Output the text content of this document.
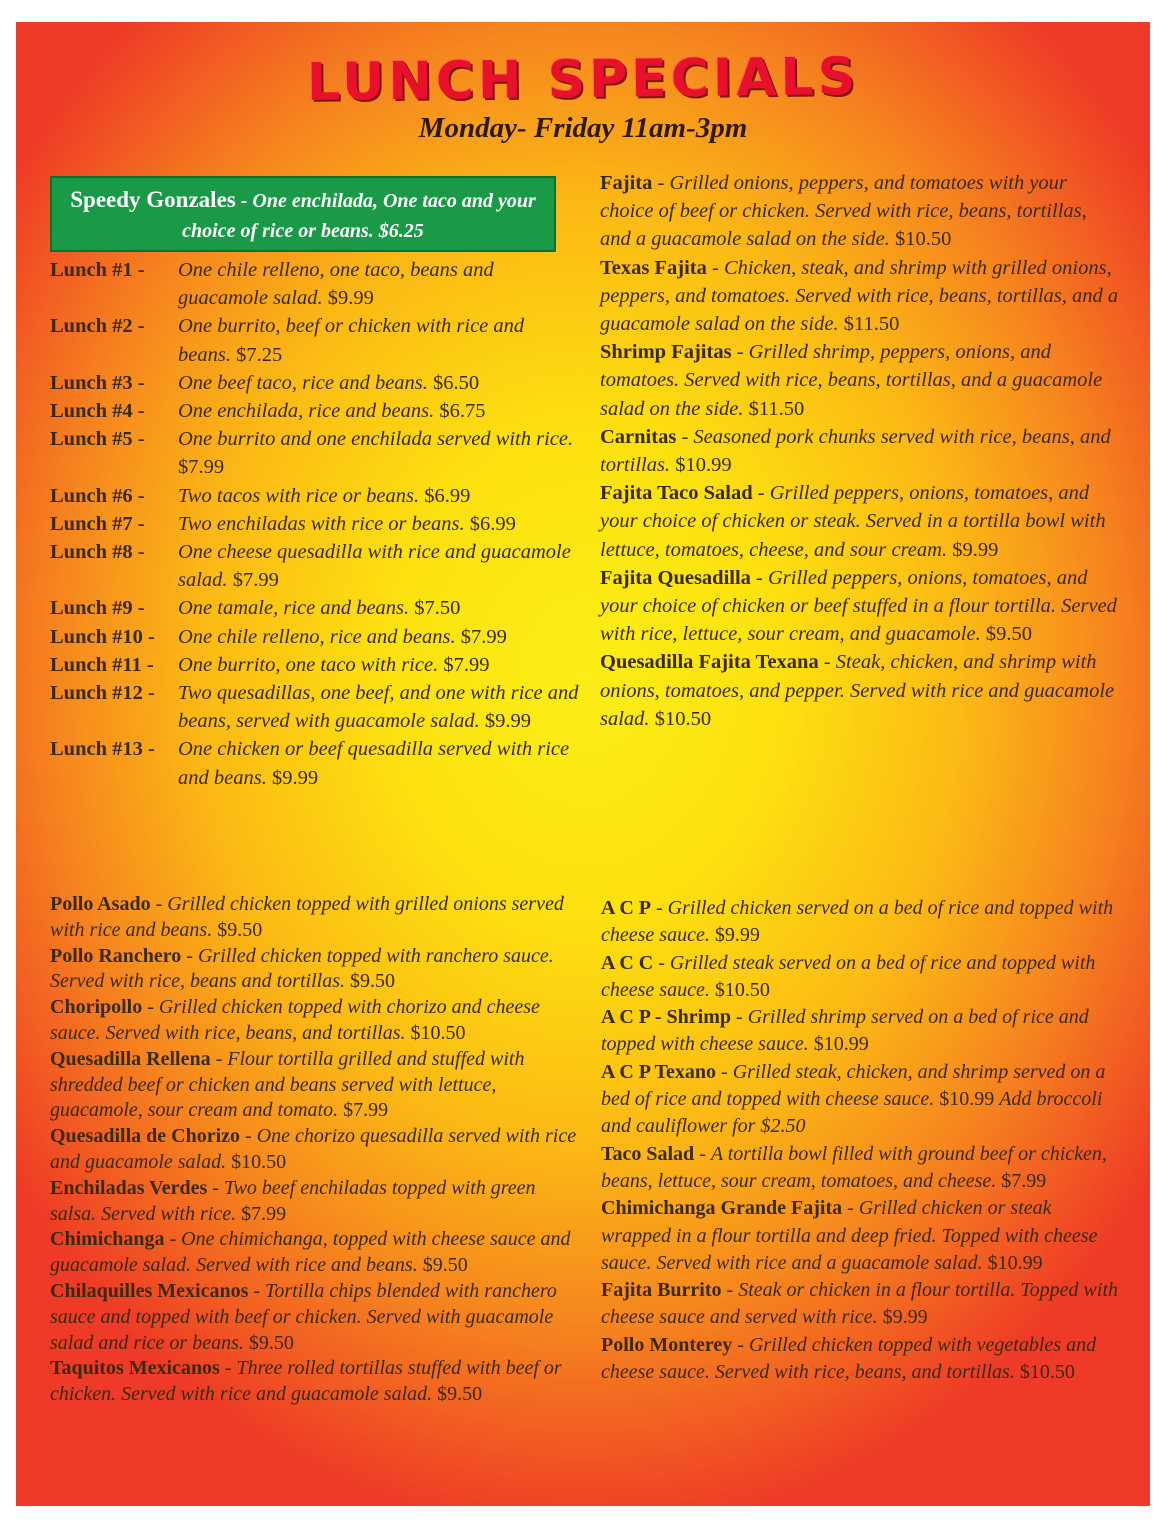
LUNCH SPECIALS
Monday- Friday 11am-3pm
Speedy Gonzales - One enchilada, One taco and your choice of rice or beans. $6.25
Lunch #1 -	One chile relleno, one taco, beans and guacamole salad. $9.99
Lunch #2 -	One burrito, beef or chicken with rice and beans. $7.25
Lunch #3 -	One beef taco, rice and beans. $6.50
Lunch #4 -	One enchilada, rice and beans. $6.75
Lunch #5 -	One burrito and one enchilada served with rice. $7.99
Lunch #6 -	Two tacos with rice or beans. $6.99
Lunch #7 -	Two enchiladas with rice or beans. $6.99
Lunch #8 -	One cheese quesadilla with rice and guacamole salad. $7.99
Lunch #9 -	One tamale, rice and beans. $7.50
Lunch #10 -	One chile relleno, rice and beans. $7.99
Lunch #11 -	One burrito, one taco with rice. $7.99
Lunch #12 -	Two quesadillas, one beef, and one with rice and beans, served with guacamole salad. $9.99
Lunch #13 -	One chicken or beef quesadilla served with rice and beans. $9.99
Fajita - Grilled onions, peppers, and tomatoes with your choice of beef or chicken. Served with rice, beans, tortillas, and a guacamole salad on the side. $10.50
Texas Fajita - Chicken, steak, and shrimp with grilled onions, peppers, and tomatoes. Served with rice, beans, tortillas, and a guacamole salad on the side. $11.50
Shrimp Fajitas - Grilled shrimp, peppers, onions, and tomatoes. Served with rice, beans, tortillas, and a guacamole salad on the side. $11.50
Carnitas - Seasoned pork chunks served with rice, beans, and tortillas. $10.99
Fajita Taco Salad - Grilled peppers, onions, tomatoes, and your choice of chicken or steak. Served in a tortilla bowl with lettuce, tomatoes, cheese, and sour cream. $9.99
Fajita Quesadilla - Grilled peppers, onions, tomatoes, and your choice of chicken or beef stuffed in a flour tortilla. Served with rice, lettuce, sour cream, and guacamole. $9.50
Quesadilla Fajita Texana - Steak, chicken, and shrimp with onions, tomatoes, and pepper. Served with rice and guacamole salad. $10.50
Pollo Asado - Grilled chicken topped with grilled onions served with rice and beans. $9.50
Pollo Ranchero - Grilled chicken topped with ranchero sauce. Served with rice, beans and tortillas. $9.50
Choripollo - Grilled chicken topped with chorizo and cheese sauce. Served with rice, beans, and tortillas. $10.50
Quesadilla Rellena - Flour tortilla grilled and stuffed with shredded beef or chicken and beans served with lettuce, guacamole, sour cream and tomato. $7.99
Quesadilla de Chorizo - One chorizo quesadilla served with rice and guacamole salad. $10.50
Enchiladas Verdes - Two beef enchiladas topped with green salsa. Served with rice. $7.99
Chimichanga - One chimichanga, topped with cheese sauce and guacamole salad. Served with rice and beans. $9.50
Chilaquilles Mexicanos - Tortilla chips blended with ranchero sauce and topped with beef or chicken. Served with guacamole salad and rice or beans. $9.50
Taquitos Mexicanos - Three rolled tortillas stuffed with beef or chicken. Served with rice and guacamole salad. $9.50
A C P - Grilled chicken served on a bed of rice and topped with cheese sauce. $9.99
A C C - Grilled steak served on a bed of rice and topped with cheese sauce. $10.50
A C P - Shrimp - Grilled shrimp served on a bed of rice and topped with cheese sauce. $10.99
A C P Texano - Grilled steak, chicken, and shrimp served on a bed of rice and topped with cheese sauce. $10.99 Add broccoli and cauliflower for $2.50
Taco Salad - A tortilla bowl filled with ground beef or chicken, beans, lettuce, sour cream, tomatoes, and cheese. $7.99
Chimichanga Grande Fajita - Grilled chicken or steak wrapped in a flour tortilla and deep fried. Topped with cheese sauce. Served with rice and a guacamole salad. $10.99
Fajita Burrito - Steak or chicken in a flour tortilla. Topped with cheese sauce and served with rice. $9.99
Pollo Monterey - Grilled chicken topped with vegetables and cheese sauce. Served with rice, beans, and tortillas. $10.50
